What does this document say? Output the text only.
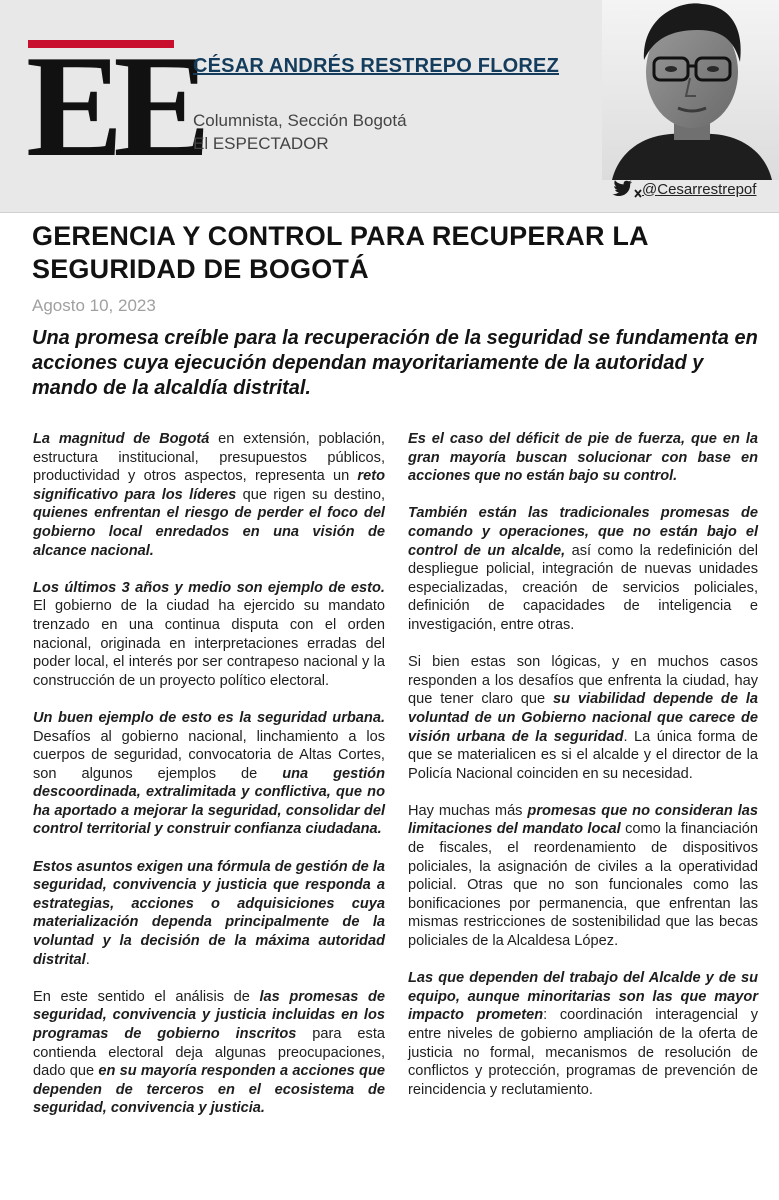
EE
CÉSAR ANDRÉS RESTREPO FLOREZ
Columnista, Sección Bogotá
El ESPECTADOR
@ Cesarrestrepof
GERENCIA Y CONTROL PARA RECUPERAR LA SEGURIDAD DE BOGOTÁ
Agosto 10, 2023
Una promesa creíble para la recuperación de la seguridad se fundamenta en acciones cuya ejecución dependan mayoritariamente de la autoridad y mando de la alcaldía distrital.

La magnitud de Bogotá en extensión, población, estructura institucional, presupuestos públicos, productividad y otros aspectos, representa un reto significativo para los líderes que rigen su destino, quienes enfrentan el riesgo de perder el foco del gobierno local enredados en una visión de alcance nacional.

Los últimos 3 años y medio son ejemplo de esto. El gobierno de la ciudad ha ejercido su mandato trenzado en una continua disputa con el orden nacional, originada en interpretaciones erradas del poder local, el interés por ser contrapeso nacional y la construcción de un proyecto político electoral.

Un buen ejemplo de esto es la seguridad urbana. Desafíos al gobierno nacional, linchamiento a los cuerpos de seguridad, convocatoria de Altas Cortes, son algunos ejemplos de una gestión descoordinada, extralimitada y conflictiva, que no ha aportado a mejorar la seguridad, consolidar del control territorial y construir confianza ciudadana.

Estos asuntos exigen una fórmula de gestión de la seguridad, convivencia y justicia que responda a estrategias, acciones o adquisiciones cuya materialización dependa principalmente de la voluntad y la decisión de la máxima autoridad distrital.

En este sentido el análisis de las promesas de seguridad, convivencia y justicia incluidas en los programas de gobierno inscritos para esta contienda electoral deja algunas preocupaciones, dado que en su mayoría responden a acciones que dependen de terceros en el ecosistema de seguridad, convivencia y justicia.

Es el caso del déficit de pie de fuerza, que en la gran mayoría buscan solucionar con base en acciones que no están bajo su control.

También están las tradicionales promesas de comando y operaciones, que no están bajo el control de un alcalde, así como la redefinición del despliegue policial, integración de nuevas unidades especializadas, creación de servicios policiales, definición de capacidades de inteligencia e investigación, entre otras.

Si bien estas son lógicas, y en muchos casos responden a los desafíos que enfrenta la ciudad, hay que tener claro que su viabilidad depende de la voluntad de un Gobierno nacional que carece de visión urbana de la seguridad. La única forma de que se materialicen es si el alcalde y el director de la Policía Nacional coinciden en su necesidad.

Hay muchas más promesas que no consideran las limitaciones del mandato local como la financiación de fiscales, el reordenamiento de dispositivos policiales, la asignación de civiles a la operatividad policial. Otras que no son funcionales como las bonificaciones por permanencia, que enfrentan las mismas restricciones de sostenibilidad que las becas policiales de la Alcaldesa López.

Las que dependen del trabajo del Alcalde y de su equipo, aunque minoritarias son las que mayor impacto prometen: coordinación interagencial y entre niveles de gobierno ampliación de la oferta de justicia no formal, mecanismos de resolución de conflictos y protección, programas de prevención de reincidencia y reclutamiento.
